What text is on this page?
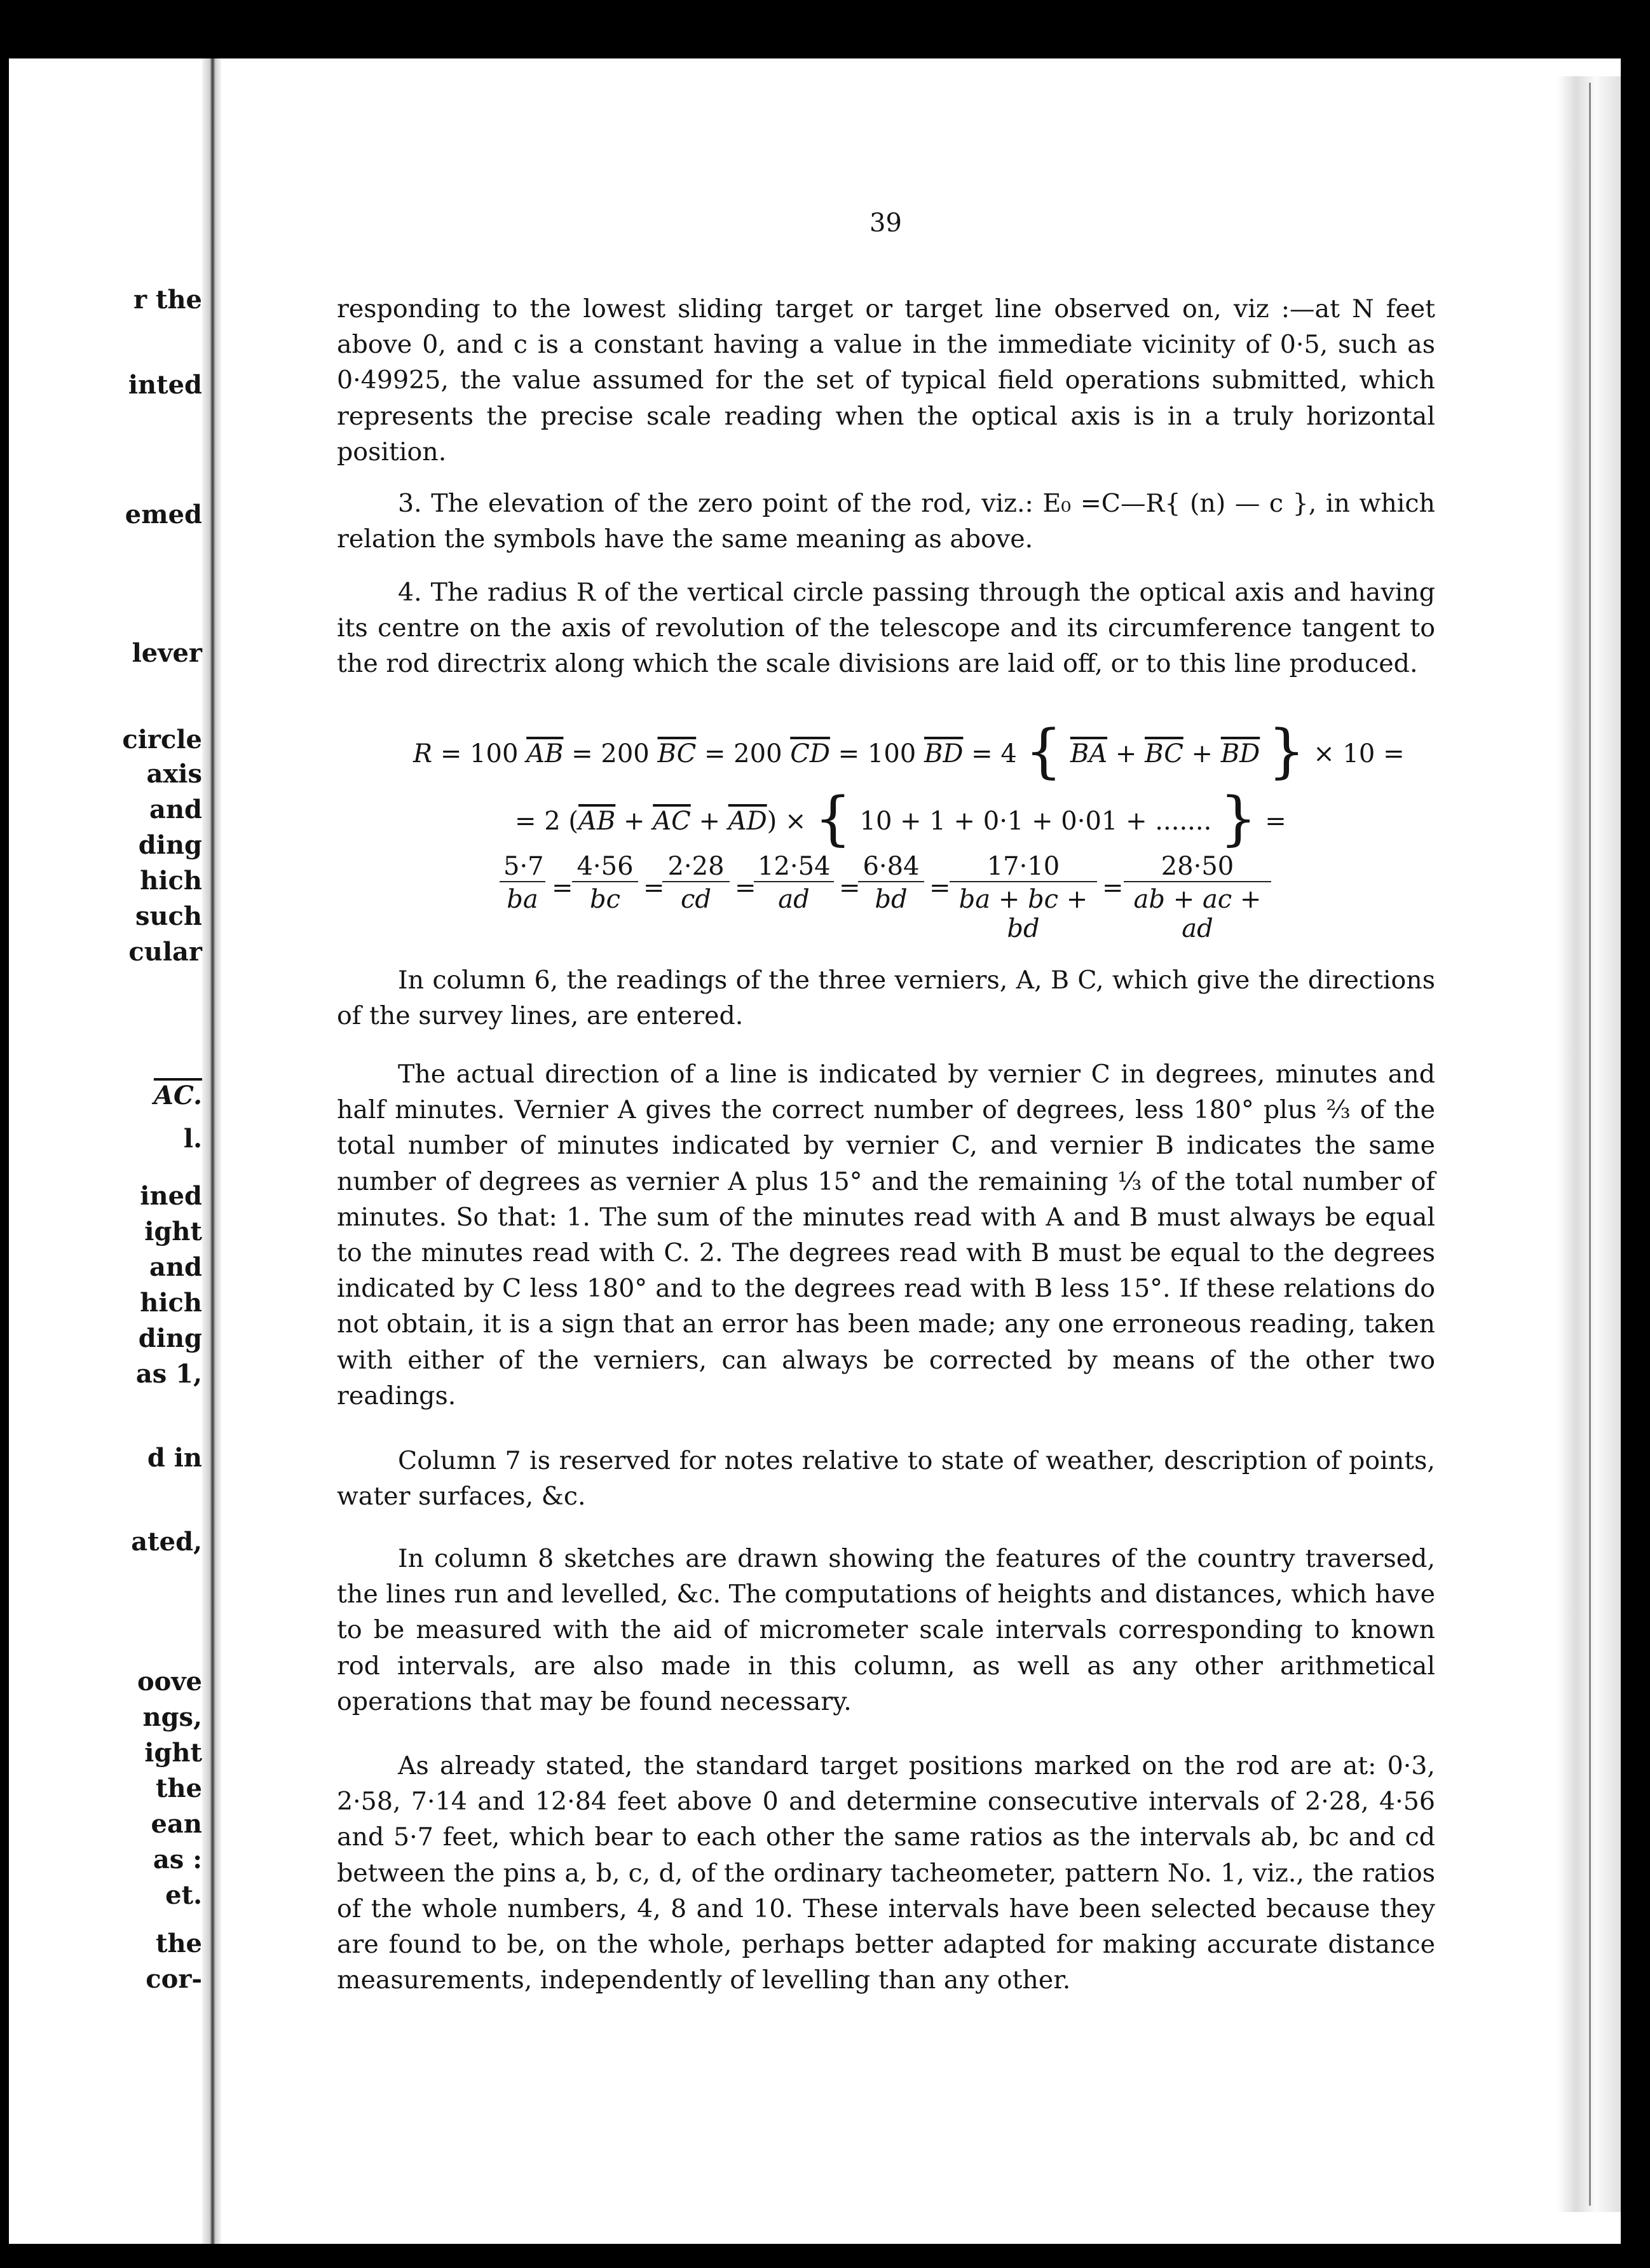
r the
inted
emed
lever
circle
axis
and
ding
hich
such
cular
AC.
l.
ined
ight
and
hich
ding
as 1,
d in
ated,
oove
ngs,
ight
the
ean
as :
et.
the
cor-
39

responding to the lowest sliding target or target line observed on, viz :—at N feet above 0, and c is a constant having a value in the immediate vicinity of 0·5, such as 0·49925, the value assumed for the set of typical field operations submitted, which represents the precise scale reading when the optical axis is in a truly horizontal position.

3. The elevation of the zero point of the rod, viz.: E₀ =C—R{ (n) — c }, in which relation the symbols have the same meaning as above.

4. The radius R of the vertical circle passing through the optical axis and having its centre on the axis of revolution of the telescope and its circumference tangent to the rod directrix along which the scale divisions are laid off, or to this line produced.

R = 100 $\overline{AB} = 200$ $\overline{BC} = 200$ $\overline{CD} = 100$ $\overline{BD} = 4$ { $\overline{BA} + \overline{BC} + \overline{BD}$ } × 10 =
= 2 $(\overline{AB} + \overline{AC} + \overline{AD})$ × { 10 + 1 + 0·1 + 0·01 + ....... } =
$\frac{5\cdot 7}{ba}$ =
$\frac{4\cdot 56}{bc}$ =
$\frac{2\cdot 28}{cd}$ =
$\frac{12\cdot 54}{ad}$ =
$\frac{6\cdot 84}{bd}$ =
$\frac{17\cdot 10}{ba + bc + bd} = \frac{28\cdot 50}{ab + ac + ad}$

In column 6, the readings of the three verniers, A, B C, which give the directions of the survey lines, are entered.

The actual direction of a line is indicated by vernier C in degrees, minutes and half minutes. Vernier A gives the correct number of degrees, less 180° plus ⅔ of the total number of minutes indicated by vernier C, and vernier B indicates the same number of degrees as vernier A plus 15° and the remaining ⅓ of the total number of minutes. So that: 1. The sum of the minutes read with A and B must always be equal to the minutes read with C. 2. The degrees read with B must be equal to the degrees indicated by C less 180° and to the degrees read with B less 15°. If these relations do not obtain, it is a sign that an error has been made; any one erroneous reading, taken with either of the verniers, can always be corrected by means of the other two readings.

Column 7 is reserved for notes relative to state of weather, description of points, water surfaces, &c.

In column 8 sketches are drawn showing the features of the country traversed, the lines run and levelled, &c. The computations of heights and distances, which have to be measured with the aid of micrometer scale intervals corresponding to known rod intervals, are also made in this column, as well as any other arithmetical operations that may be found necessary.

As already stated, the standard target positions marked on the rod are at: 0·3, 2·58, 7·14 and 12·84 feet above 0 and determine consecutive intervals of 2·28, 4·56 and 5·7 feet, which bear to each other the same ratios as the intervals ab, bc and cd between the pins a, b, c, d, of the ordinary tacheometer, pattern No. 1, viz., the ratios of the whole numbers, 4, 8 and 10. These intervals have been selected because they are found to be, on the whole, perhaps better adapted for making accurate distance measurements, independently of levelling than any other.
